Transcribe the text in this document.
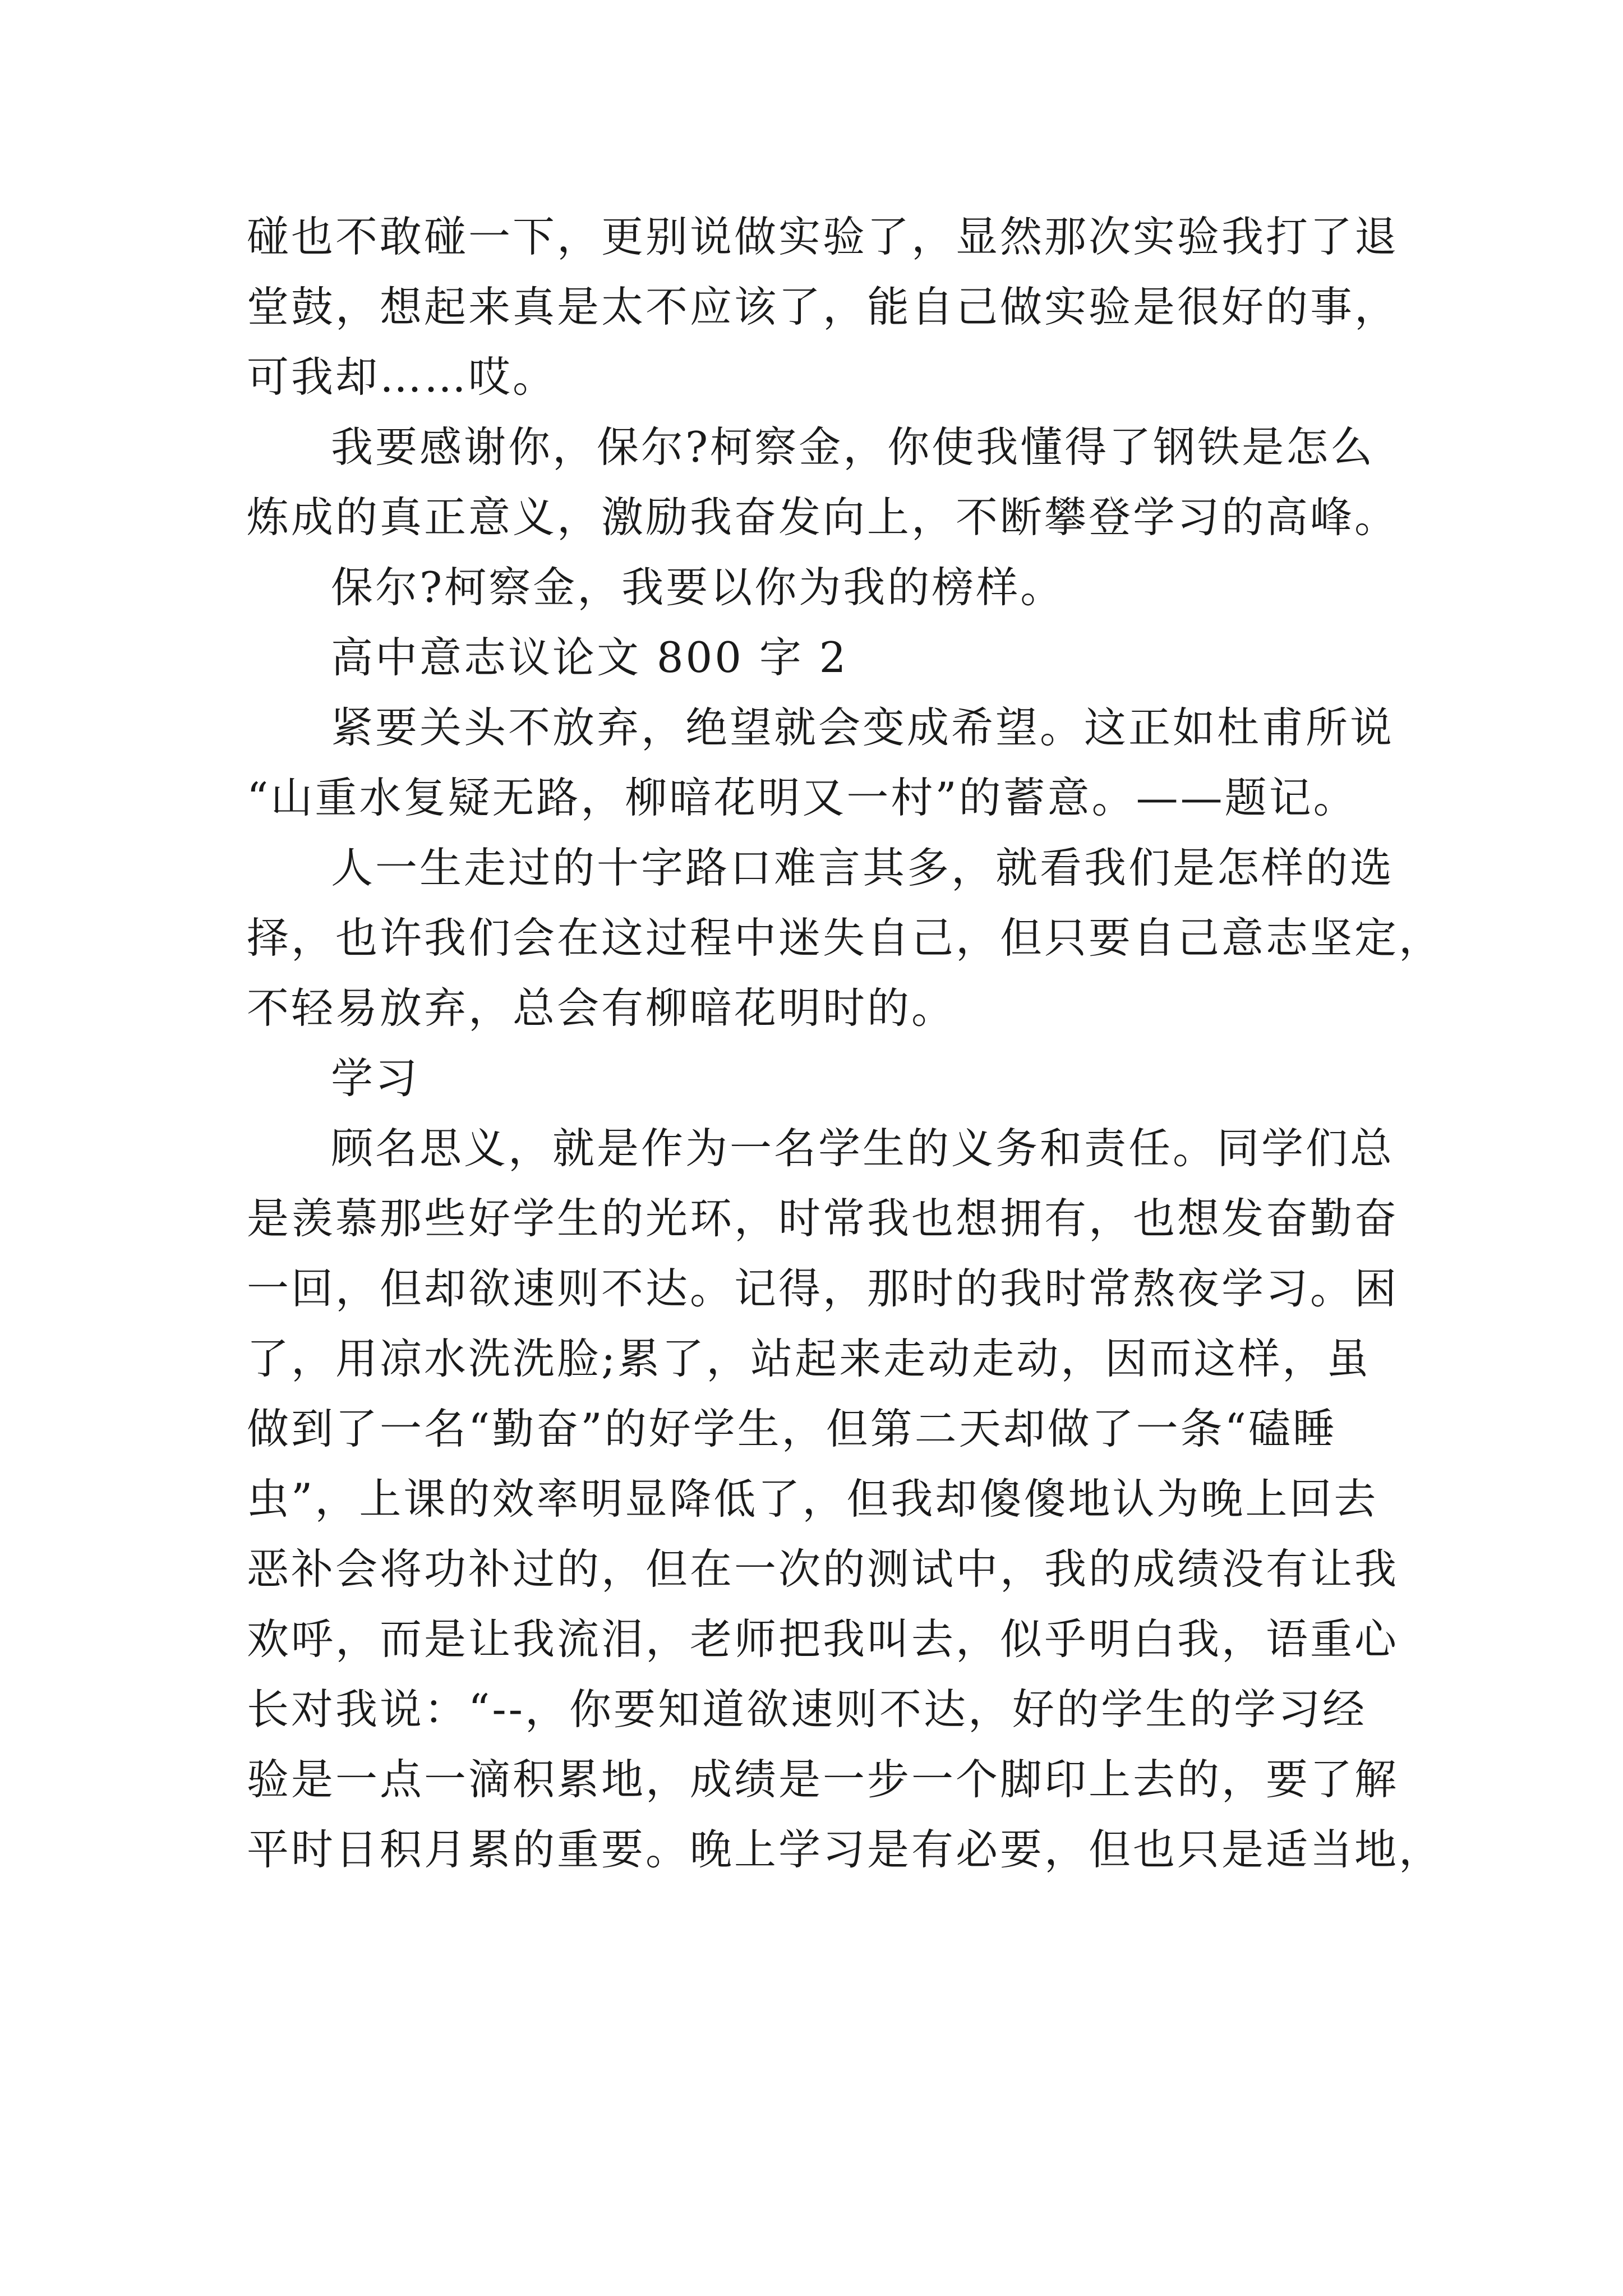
碰也不敢碰一下，更别说做实验了，显然那次实验我打了退
堂鼓，想起来真是太不应该了，能自己做实验是很好的事，
可我却……哎。
我要感谢你，保尔?柯察金，你使我懂得了钢铁是怎么
炼成的真正意义，激励我奋发向上，不断攀登学习的高峰。
保尔?柯察金，我要以你为我的榜样。
高中意志议论文 800 字 2
紧要关头不放弃，绝望就会变成希望。这正如杜甫所说
“山重水复疑无路，柳暗花明又一村”的蓄意。——题记。
人一生走过的十字路口难言其多，就看我们是怎样的选
择，也许我们会在这过程中迷失自己，但只要自己意志坚定，
不轻易放弃，总会有柳暗花明时的。
学习
顾名思义，就是作为一名学生的义务和责任。同学们总
是羡慕那些好学生的光环，时常我也想拥有，也想发奋勤奋
一回，但却欲速则不达。记得，那时的我时常熬夜学习。困
了，用凉水洗洗脸;累了，站起来走动走动，因而这样，虽
做到了一名“勤奋”的好学生，但第二天却做了一条“磕睡
虫”，上课的效率明显降低了，但我却傻傻地认为晚上回去
恶补会将功补过的，但在一次的测试中，我的成绩没有让我
欢呼，而是让我流泪，老师把我叫去，似乎明白我，语重心
长对我说：“--，你要知道欲速则不达，好的学生的学习经
验是一点一滴积累地，成绩是一步一个脚印上去的，要了解
平时日积月累的重要。晚上学习是有必要，但也只是适当地，
